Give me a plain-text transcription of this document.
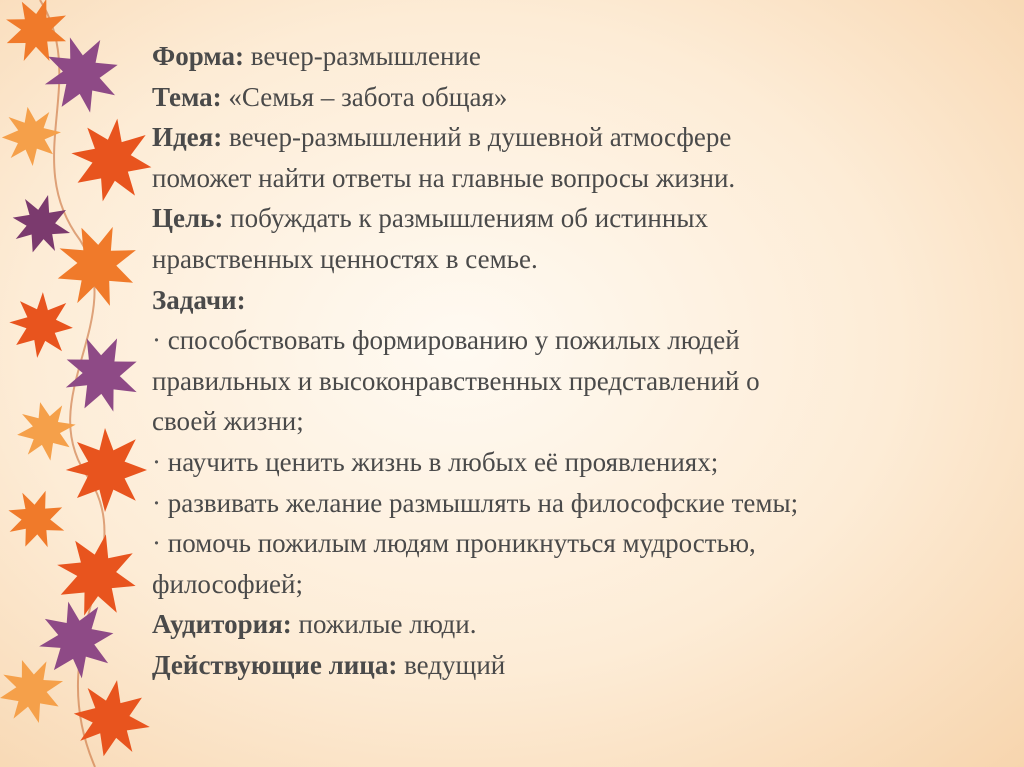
Форма: вечер-размышление
Тема: «Семья – забота общая»
Идея: вечер-размышлений в душевной атмосфере
поможет найти ответы на главные вопросы жизни.
Цель: побуждать к размышлениям об истинных
нравственных ценностях в семье.
Задачи:
· способствовать формированию у пожилых людей
правильных и высоконравственных представлений о
своей жизни;
· научить ценить жизнь в любых её проявлениях;
· развивать желание размышлять на философские темы;
· помочь пожилым людям проникнуться мудростью,
философией;
Аудитория: пожилые люди.
Действующие лица: ведущий
